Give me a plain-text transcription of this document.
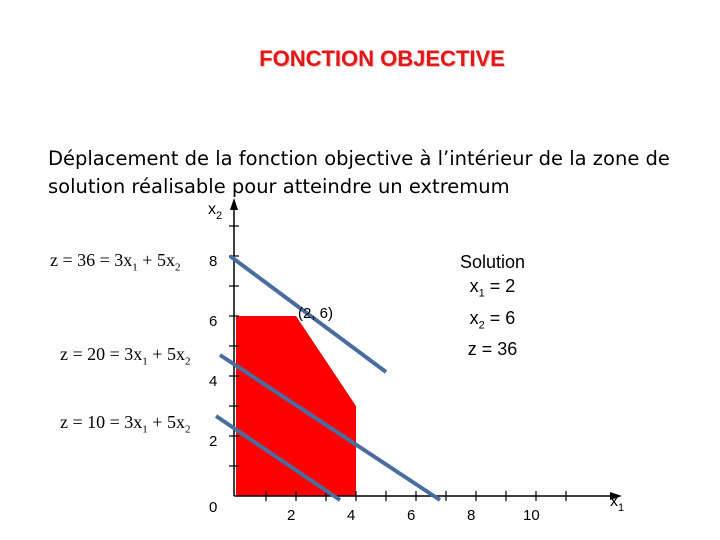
FONCTION OBJECTIVE
Déplacement de la fonction objective à l’intérieur de la zone de solution réalisable pour atteindre un extremum
8
6
4
2
0	2	4	6	8	10
$x_2$
$x_1$
(2, 6)
$z = 36 = 3x_1 + 5x_2$
$z = 20 = 3x_1 + 5x_2$
$z = 10 = 3x_1 + 5x_2$
Solution
$x_1 = 2$
$x_2 = 6$
z = 36
